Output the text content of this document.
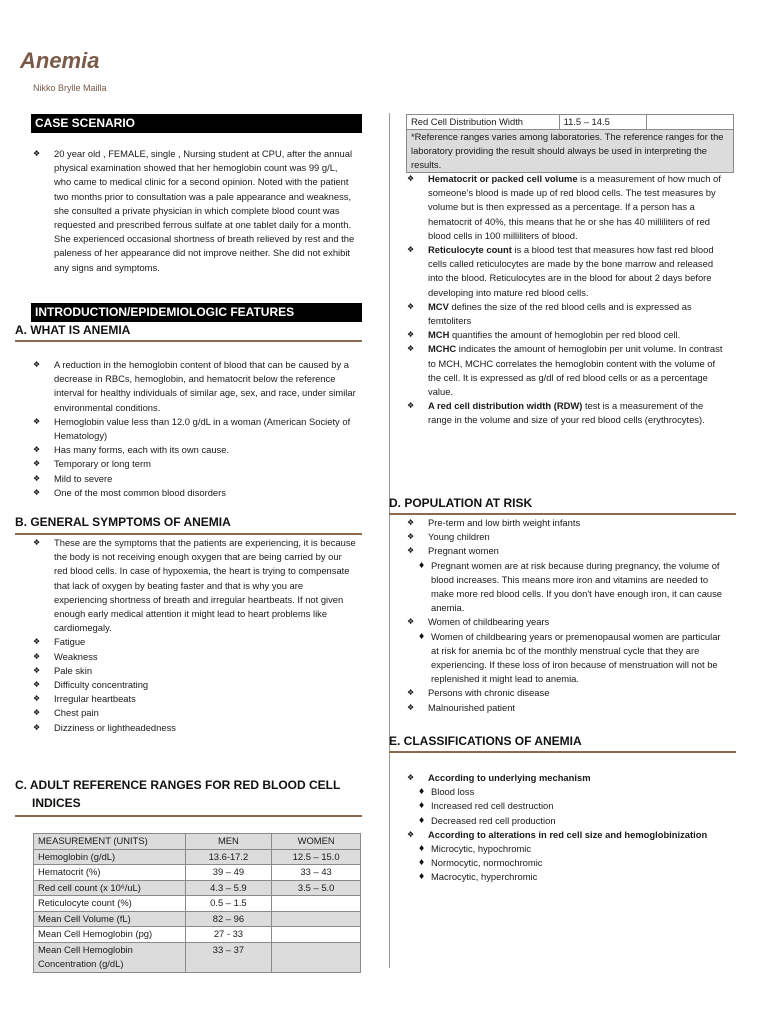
Anemia
Nikko Brylle Mailla
CASE SCENARIO
❖ 20 year old , FEMALE, single , Nursing student at CPU, after the annual physical examination showed that her hemoglobin count was 99 g/L, who came to medical clinic for a second opinion. Noted with the patient two months prior to consultation was a pale appearance and weakness, she consulted a private physician in which complete blood count was requested and prescribed ferrous sulfate at one tablet daily for a month. She experienced occasional shortness of breath relieved by rest and the paleness of her appearance did not improve neither. She did not exhibit any signs and symptoms.
INTRODUCTION/EPIDEMIOLOGIC FEATURES
A. WHAT IS ANEMIA
❖ A reduction in the hemoglobin content of blood that can be caused by a decrease in RBCs, hemoglobin, and hematocrit below the reference interval for healthy individuals of similar age, sex, and race, under similar environmental conditions.
❖ Hemoglobin value less than 12.0 g/dL in a woman (American Society of Hematology)
❖ Has many forms, each with its own cause.
❖ Temporary or long term
❖ Mild to severe
❖ One of the most common blood disorders
B. GENERAL SYMPTOMS OF ANEMIA
❖ These are the symptoms that the patients are experiencing, it is because the body is not receiving enough oxygen that are being carried by our red blood cells. In case of hypoxemia, the heart is trying to compensate that lack of oxygen by beating faster and that is why you are experiencing shortness of breath and irregular heartbeats. If not given enough early medical attention it might lead to heart problems like cardiomegaly.
❖ Fatigue
❖ Weakness
❖ Pale skin
❖ Difficulty concentrating
❖ Irregular heartbeats
❖ Chest pain
❖ Dizziness or lightheadedness
C. ADULT REFERENCE RANGES FOR RED BLOOD CELL
INDICES
MEASUREMENT (UNITS)	MEN	WOMEN
Hemoglobin (g/dL)	13.6-17.2	12.5 – 15.0
Hematocrit (%)	39 – 49	33 – 43
Red cell count (x 10⁶/uL)	4.3 – 5.9	3.5 – 5.0
Reticulocyte count (%)	0.5 – 1.5	
Mean Cell Volume (fL)	82 – 96	
Mean Cell Hemoglobin (pg)	27 - 33	
Mean Cell Hemoglobin Concentration (g/dL)	33 – 37	
Red Cell Distribution Width	11.5 – 14.5	
*Reference ranges varies among laboratories. The reference ranges for the laboratory providing the result should always be used in interpreting the results.
❖ Hematocrit or packed cell volume is a measurement of how much of someone's blood is made up of red blood cells. The test measures by volume but is then expressed as a percentage. If a person has a hematocrit of 40%, this means that he or she has 40 milliliters of red blood cells in 100 milliliters of blood.
❖ Reticulocyte count is a blood test that measures how fast red blood cells called reticulocytes are made by the bone marrow and released into the blood. Reticulocytes are in the blood for about 2 days before developing into mature red blood cells.
❖ MCV defines the size of the red blood cells and is expressed as femtoliters
❖ MCH quantifies the amount of hemoglobin per red blood cell.
❖ MCHC indicates the amount of hemoglobin per unit volume. In contrast to MCH, MCHC correlates the hemoglobin content with the volume of the cell. It is expressed as g/dl of red blood cells or as a percentage value.
❖ A red cell distribution width (RDW) test is a measurement of the range in the volume and size of your red blood cells (erythrocytes).
D. POPULATION AT RISK
❖ Pre-term and low birth weight infants
❖ Young children
❖ Pregnant women
♦ Pregnant women are at risk because during pregnancy, the volume of blood increases. This means more iron and vitamins are needed to make more red blood cells. If you don't have enough iron, it can cause anemia.
❖ Women of childbearing years
♦ Women of childbearing years or premenopausal women are particular at risk for anemia bc of the monthly menstrual cycle that they are experiencing. If these loss of iron because of menstruation will not be replenished it might lead to anemia.
❖ Persons with chronic disease
❖ Malnourished patient
E. CLASSIFICATIONS OF ANEMIA
❖ According to underlying mechanism
♦ Blood loss
♦ Increased red cell destruction
♦ Decreased red cell production
❖ According to alterations in red cell size and hemoglobinization
♦ Microcytic, hypochromic
♦ Normocytic, normochromic
♦ Macrocytic, hyperchromic
